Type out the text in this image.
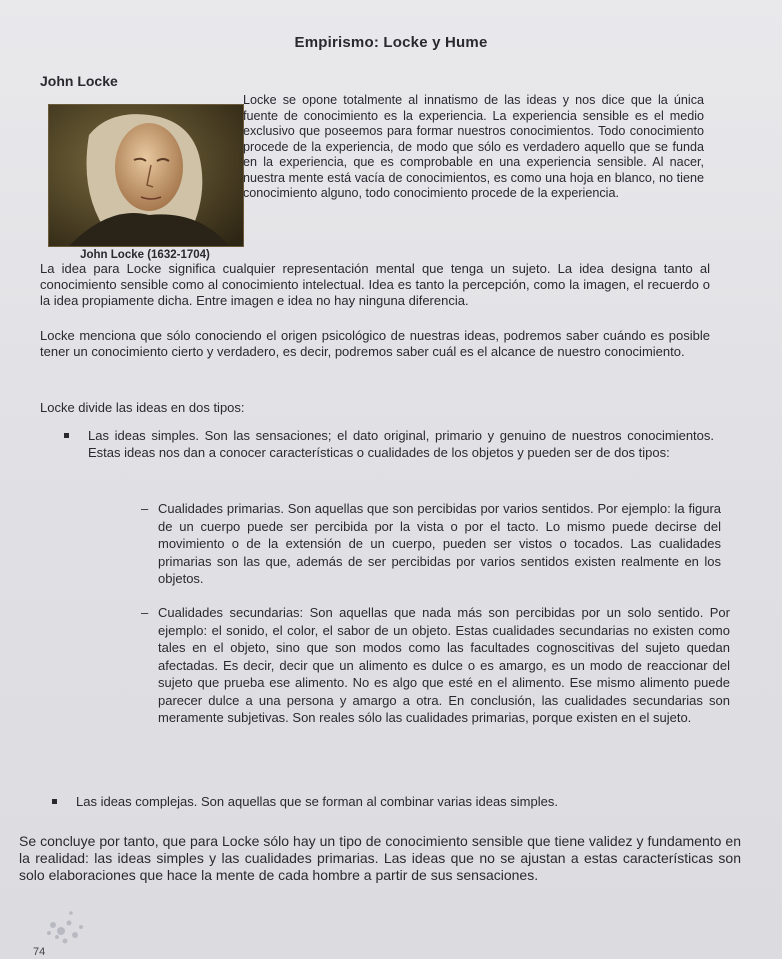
Empirismo: Locke y Hume
John Locke
John Locke (1632-1704)
Locke se opone totalmente al innatismo de las ideas y nos dice que la única fuente de conocimiento es la experiencia. La experiencia sensible es el medio exclusivo que poseemos para formar nuestros conocimientos. Todo conocimiento procede de la experiencia, de modo que sólo es verdadero aquello que se funda en la experiencia, que es comprobable en una experiencia sensible. Al nacer, nuestra mente está vacía de conocimientos, es como una hoja en blanco, no tiene conocimiento alguno, todo conocimiento procede de la experiencia.
La idea para Locke significa cualquier representación mental que tenga un sujeto. La idea designa tanto al conocimiento sensible como al conocimiento intelectual. Idea es tanto la percepción, como la imagen, el recuerdo o la idea propiamente dicha. Entre imagen e idea no hay ninguna diferencia.
Locke menciona que sólo conociendo el origen psicológico de nuestras ideas, podremos saber cuándo es posible tener un conocimiento cierto y verdadero, es decir, podremos saber cuál es el alcance de nuestro conocimiento.
Locke divide las ideas en dos tipos:
Las ideas simples. Son las sensaciones; el dato original, primario y genuino de nuestros conocimientos. Estas ideas nos dan a conocer características o cualidades de los objetos y pueden ser de dos tipos:
– Cualidades primarias. Son aquellas que son percibidas por varios sentidos. Por ejemplo: la figura de un cuerpo puede ser percibida por la vista o por el tacto. Lo mismo puede decirse del movimiento o de la extensión de un cuerpo, pueden ser vistos o tocados. Las cualidades primarias son las que, además de ser percibidas por varios sentidos existen realmente en los objetos.
– Cualidades secundarias: Son aquellas que nada más son percibidas por un solo sentido. Por ejemplo: el sonido, el color, el sabor de un objeto. Estas cualidades secundarias no existen como tales en el objeto, sino que son modos como las facultades cognoscitivas del sujeto quedan afectadas. Es decir, decir que un alimento es dulce o es amargo, es un modo de reaccionar del sujeto que prueba ese alimento. No es algo que esté en el alimento. Ese mismo alimento puede parecer dulce a una persona y amargo a otra. En conclusión, las cualidades secundarias son meramente subjetivas. Son reales sólo las cualidades primarias, porque existen en el sujeto.
Las ideas complejas. Son aquellas que se forman al combinar varias ideas simples.
Se concluye por tanto, que para Locke sólo hay un tipo de conocimiento sensible que tiene validez y fundamento en la realidad: las ideas simples y las cualidades primarias. Las ideas que no se ajustan a estas características son solo elaboraciones que hace la mente de cada hombre a partir de sus sensaciones.
74
